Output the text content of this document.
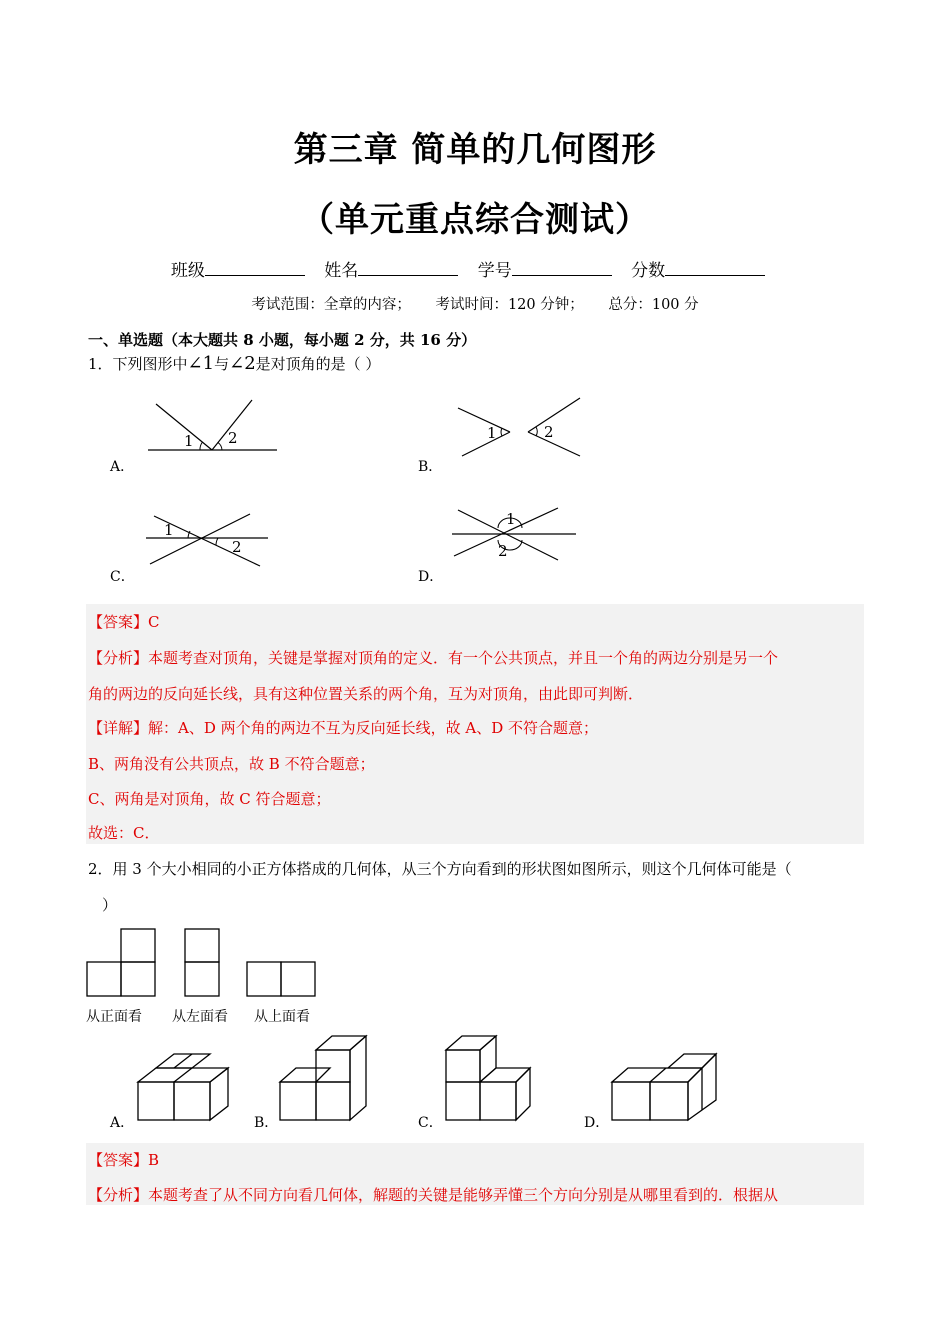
第三章 简单的几何图形
（单元重点综合测试）
班级	姓名	学号	分数
考试范围：全章的内容； 考试时间：120 分钟； 总分：100 分
一、单选题（本大题共 8 小题，每小题 2 分，共 16 分）
1．下列图形中∠1与∠2是对顶角的是（ ）
A．
1 2
B．
1	2
C．
1
2
D．
1
2
【答案】C
【分析】本题考查对顶角，关键是掌握对顶角的定义．有一个公共顶点，并且一个角的两边分别是另一个
角的两边的反向延长线，具有这种位置关系的两个角，互为对顶角，由此即可判断．
【详解】解：A、D 两个角的两边不互为反向延长线，故 A、D 不符合题意；
B、两角没有公共顶点，故 B 不符合题意；
C、两角是对顶角，故 C 符合题意；
故选：C．
2．用 3 个大小相同的小正方体搭成的几何体，从三个方向看到的形状图如图所示，则这个几何体可能是（
）
从正面看 从左面看 从上面看
A．	B．	C．	D．
【答案】B
【分析】本题考查了从不同方向看几何体，解题的关键是能够弄懂三个方向分别是从哪里看到的．根据从
